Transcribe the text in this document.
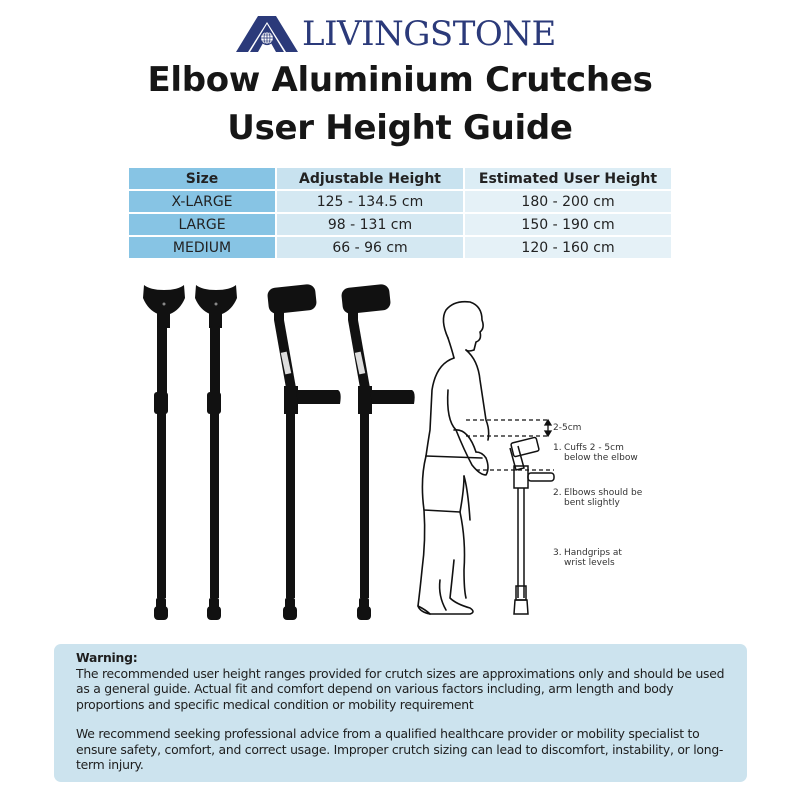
LIVINGSTONE
Elbow Aluminium Crutches
User Height Guide
Size	Adjustable Height	Estimated User Height
X-LARGE	125 - 134.5 cm	180 - 200 cm
LARGE	98 - 131 cm	150 - 190 cm
MEDIUM	66 - 96 cm	120 - 160 cm
2-5cm
1. Cuffs 2 - 5cm
below the elbow
2. Elbows should be
bent slightly
3. Handgrips at
wrist levels
Warning:
The recommended user height ranges provided for crutch sizes are approximations only and should be used as a general guide. Actual fit and comfort depend on various factors including, arm length and body proportions and specific medical condition or mobility requirement
We recommend seeking professional advice from a qualified healthcare provider or mobility specialist to ensure safety, comfort, and correct usage. Improper crutch sizing can lead to discomfort, instability, or long-term injury.
